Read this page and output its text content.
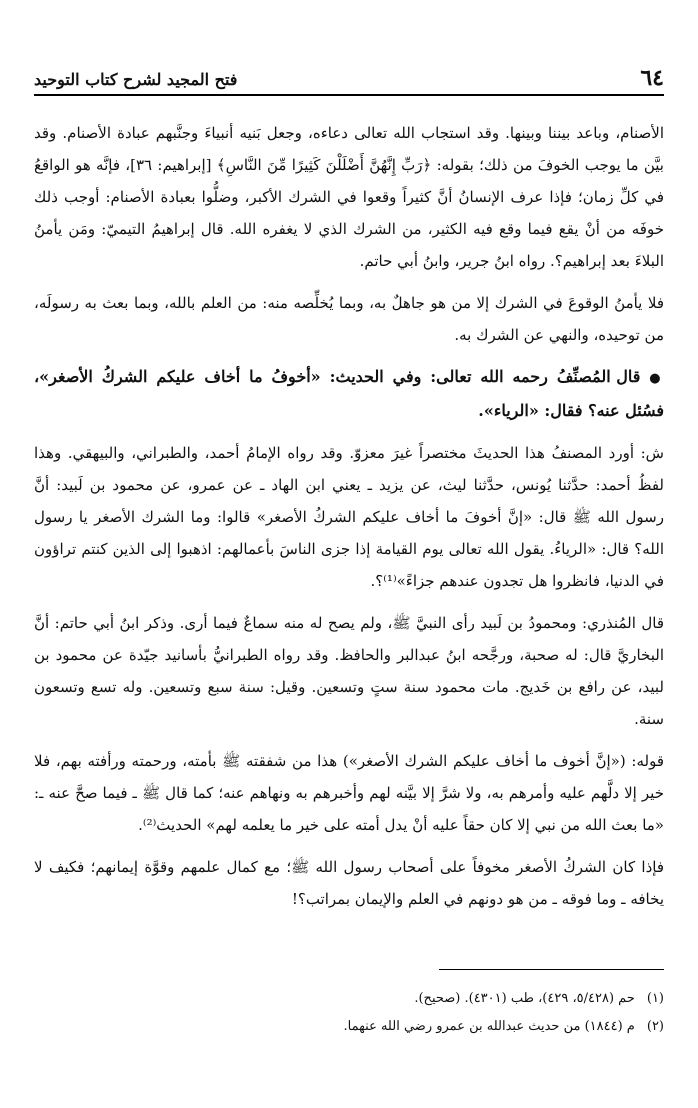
٦٤
فتح المجيد لشرح كتاب التوحيد

الأصنام، وباعد بيننا وبينها. وقد استجاب الله تعالى دعاءه، وجعل بَنيه أنبياءَ وجنَّبهم عبادة الأصنام. وقد بيَّن ما يوجب الخوفَ من ذلك؛ بقوله: ﴿رَبِّ إِنَّهُنَّ أَضْلَلْنَ كَثِيرًا مِّنَ النَّاسِ﴾ [إبراهيم: ٣٦]، فإنَّه هو الواقعُ في كلِّ زمان؛ فإذا عرف الإنسانُ أنَّ كثيراً وقعوا في الشرك الأكبر، وضلُّوا بعبادة الأصنام: أوجب ذلك خوفَه من أنْ يقع فيما وقع فيه الكثير، من الشرك الذي لا يغفره الله. قال إبراهيمُ التيميّ: ومَن يأمنُ البلاءَ بعد إبراهيم؟. رواه ابنُ جرير، وابنُ أبي حاتم.

فلا يأمنُ الوقوعَ في الشرك إلا من هو جاهلٌ به، وبما يُخلِّصه منه: من العلم بالله، وبما بعث به رسولَه، من توحيده، والنهي عن الشرك به.

● قال المُصنِّفُ رحمه الله تعالى: وفي الحديث: «أخوفُ ما أخاف عليكم الشركُ الأصغر»، فسُئل عنه؟ فقال: «الرياء».

ش: أورد المصنفُ هذا الحديثَ مختصراً غيرَ معزوّ. وقد رواه الإمامُ أحمد، والطبراني، والبيهقي. وهذا لفظُ أحمد: حدَّثنا يُونس، حدَّثنا ليث، عن يزيد ـ يعني ابن الهاد ـ عن عمرو، عن محمود بن لَبيد: أنَّ رسول الله ﷺ قال: «إنَّ أخوفَ ما أخاف عليكم الشركُ الأصغر» قالوا: وما الشرك الأصغر يا رسول الله؟ قال: «الرياءُ. يقول الله تعالى يوم القيامة إذا جزى الناسَ بأعمالهم: اذهبوا إلى الذين كنتم تراؤون في الدنيا، فانظروا هل تجدون عندهم جزاءً»⁽¹⁾؟.

قال المُنذري: ومحمودُ بن لَبيد رأى النبيَّ ﷺ، ولم يصح له منه سماعٌ فيما أرى. وذكر ابنُ أبي حاتم: أنَّ البخاريَّ قال: له صحبة، ورجَّحه ابنُ عبدالبر والحافظ. وقد رواه الطبرانيُّ بأسانيد جيّدة عن محمود بن لبيد، عن رافع بن خَديج. مات محمود سنة ستٍ وتسعين. وقيل: سنة سبع وتسعين. وله تسع وتسعون سنة.

قوله: («إنَّ أخوف ما أخاف عليكم الشرك الأصغر») هذا من شفقته ﷺ بأمته، ورحمته ورأفته بهم، فلا خير إلا دلَّهم عليه وأمرهم به، ولا شرَّ إلا بيَّنه لهم وأخبرهم به ونهاهم عنه؛ كما قال ﷺ ـ فيما صحَّ عنه ـ: «ما بعث الله من نبي إلا كان حقاً عليه أنْ يدل أمته على خير ما يعلمه لهم» الحديث⁽²⁾.

فإذا كان الشركُ الأصغر مخوفاً على أصحاب رسول الله ﷺ؛ مع كمال علمهم وقوَّة إيمانهم؛ فكيف لا يخافه ـ وما فوقه ـ من هو دونهم في العلم والإيمان بمراتب؟!

(١)حم (٥/٤٢٨، ٤٢٩)، طب (٤٣٠١). (صحيح).

(٢)م (١٨٤٤) من حديث عبدالله بن عمرو رضي الله عنهما.
